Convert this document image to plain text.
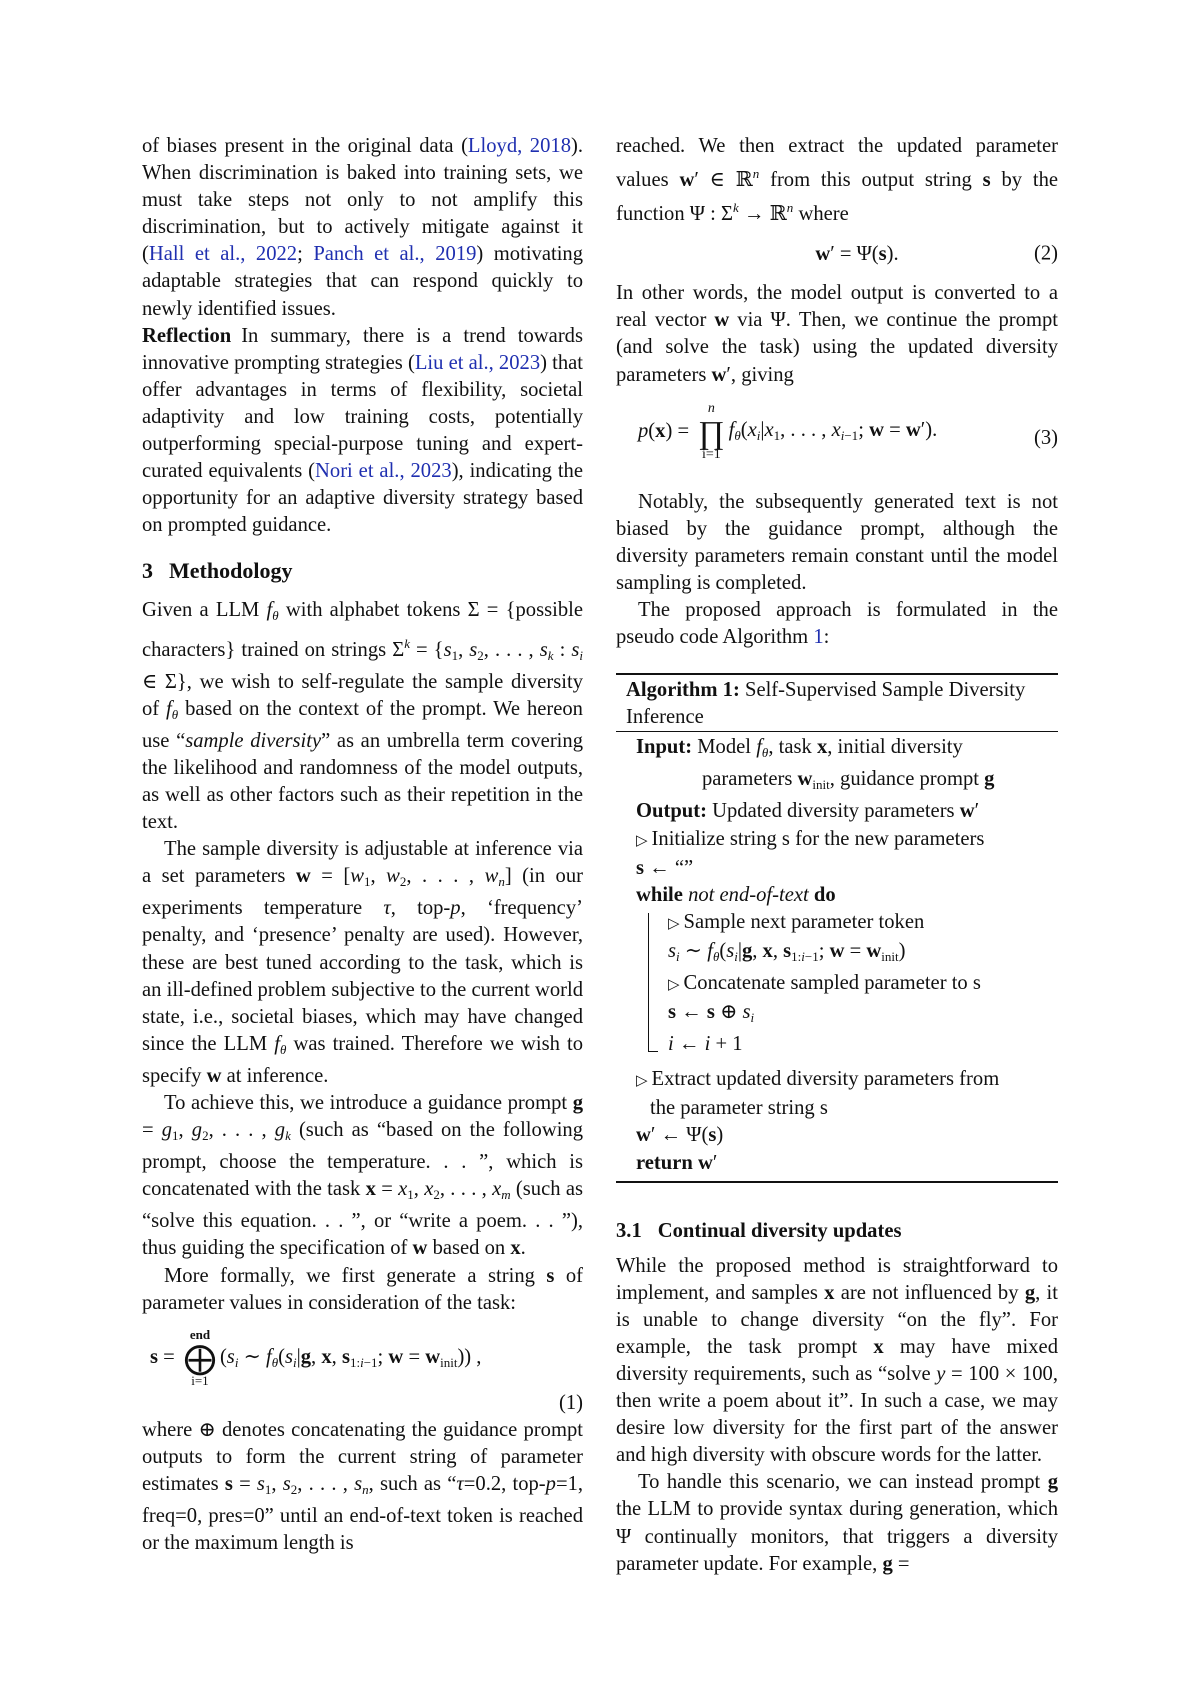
of biases present in the original data (Lloyd, 2018). When discrimination is baked into training sets, we must take steps not only to not amplify this discrimination, but to actively mitigate against it (Hall et al., 2022; Panch et al., 2019) motivating adaptable strategies that can respond quickly to newly identified issues.

Reflection In summary, there is a trend towards innovative prompting strategies (Liu et al., 2023) that offer advantages in terms of flexibility, societal adaptivity and low training costs, potentially outperforming special-purpose tuning and expert-curated equivalents (Nori et al., 2023), indicating the opportunity for an adaptive diversity strategy based on prompted guidance.

3 Methodology

Given a LLM $f_\theta$ with alphabet tokens Σ = {possible characters} trained on strings $\Sigma^k = \{s_1$, $s_2$, . . . , $s_k$ : $s_i$ ∈ Σ}, we wish to self-regulate the sample diversity of $f_\theta$ based on the context of the prompt. We hereon use “sample diversity” as an umbrella term covering the likelihood and randomness of the model outputs, as well as other factors such as their repetition in the text.

The sample diversity is adjustable at inference via a set parameters $w = [w_1$, $w_2$, . . . , $w_n$] (in our experiments temperature τ, top-p, ‘frequency’ penalty, and ‘presence’ penalty are used). However, these are best tuned according to the task, which is an ill-defined problem subjective to the current world state, i.e., societal biases, which may have changed since the LLM $f_\theta$ was trained. Therefore we wish to specify w at inference.

To achieve this, we introduce a guidance prompt $g = g_1$, $g_2$, . . . , $g_k$ (such as “based on the following prompt, choose the temperature. . . ”, which is concatenated with the task $x = x_1$, $x_2$, . . . , $x_m$ (such as “solve this equation. . . ”, or “write a poem. . . ”), thus guiding the specification of w based on x.

More formally, we first generate a string s of parameter values in consideration of the task:

s =
end
⨁
i=1
($s_i$ ∼ $f_\theta(s_i|g$, x, $s_{1:i-1}$; $w = w_{init}$)) ,
(1)

where ⊕ denotes concatenating the guidance prompt outputs to form the current string of parameter estimates $s = s_1$, $s_2$, . . . , $s_n$, such as “τ=0.2, top-p=1, freq=0, pres=0” until an end-of-text token is reached or the maximum length is

reached. We then extract the updated parameter values w′ ∈ ℝ$^n$ from this output string s by the function Ψ : $\Sigma^k$ → ℝ$^n$ where

w′ = Ψ(s).	(2)

In other words, the model output is converted to a real vector w via Ψ. Then, we continue the prompt (and solve the task) using the updated diversity parameters w′, giving

p ( x ) =
n
∏
i=1
$f_\theta(x_i|x_1$, . . . , $x_{i-1}$; w = w′).	(3)

Notably, the subsequently generated text is not biased by the guidance prompt, although the diversity parameters remain constant until the model sampling is completed.

The proposed approach is formulated in the pseudo code Algorithm 1:

Algorithm 1: Self-Supervised Sample Diversity Inference
Input: Model $f_\theta$, task x, initial diversity
parameters $w_{init}$, guidance prompt g
Output: Updated diversity parameters w′
▷ Initialize string s for the new parameters
s ← “”
while not end-of-text do
▷ Sample next parameter token
$s_i$ ∼ $f_\theta(s_i|g$, x, $s_{1:i-1}$; $w = w_{init}$)
▷ Concatenate sampled parameter to s
s ← s ⊕ $s_i$
i ← i + 1
▷ Extract updated diversity parameters from
the parameter string s
w′ ← Ψ(s)
return w′
3.1 Continual diversity updates

While the proposed method is straightforward to implement, and samples x are not influenced by g, it is unable to change diversity “on the fly”. For example, the task prompt x may have mixed diversity requirements, such as “solve y = 100 × 100, then write a poem about it”. In such a case, we may desire low diversity for the first part of the answer and high diversity with obscure words for the latter.

To handle this scenario, we can instead prompt g the LLM to provide syntax during generation, which Ψ continually monitors, that triggers a diversity parameter update. For example, g =
